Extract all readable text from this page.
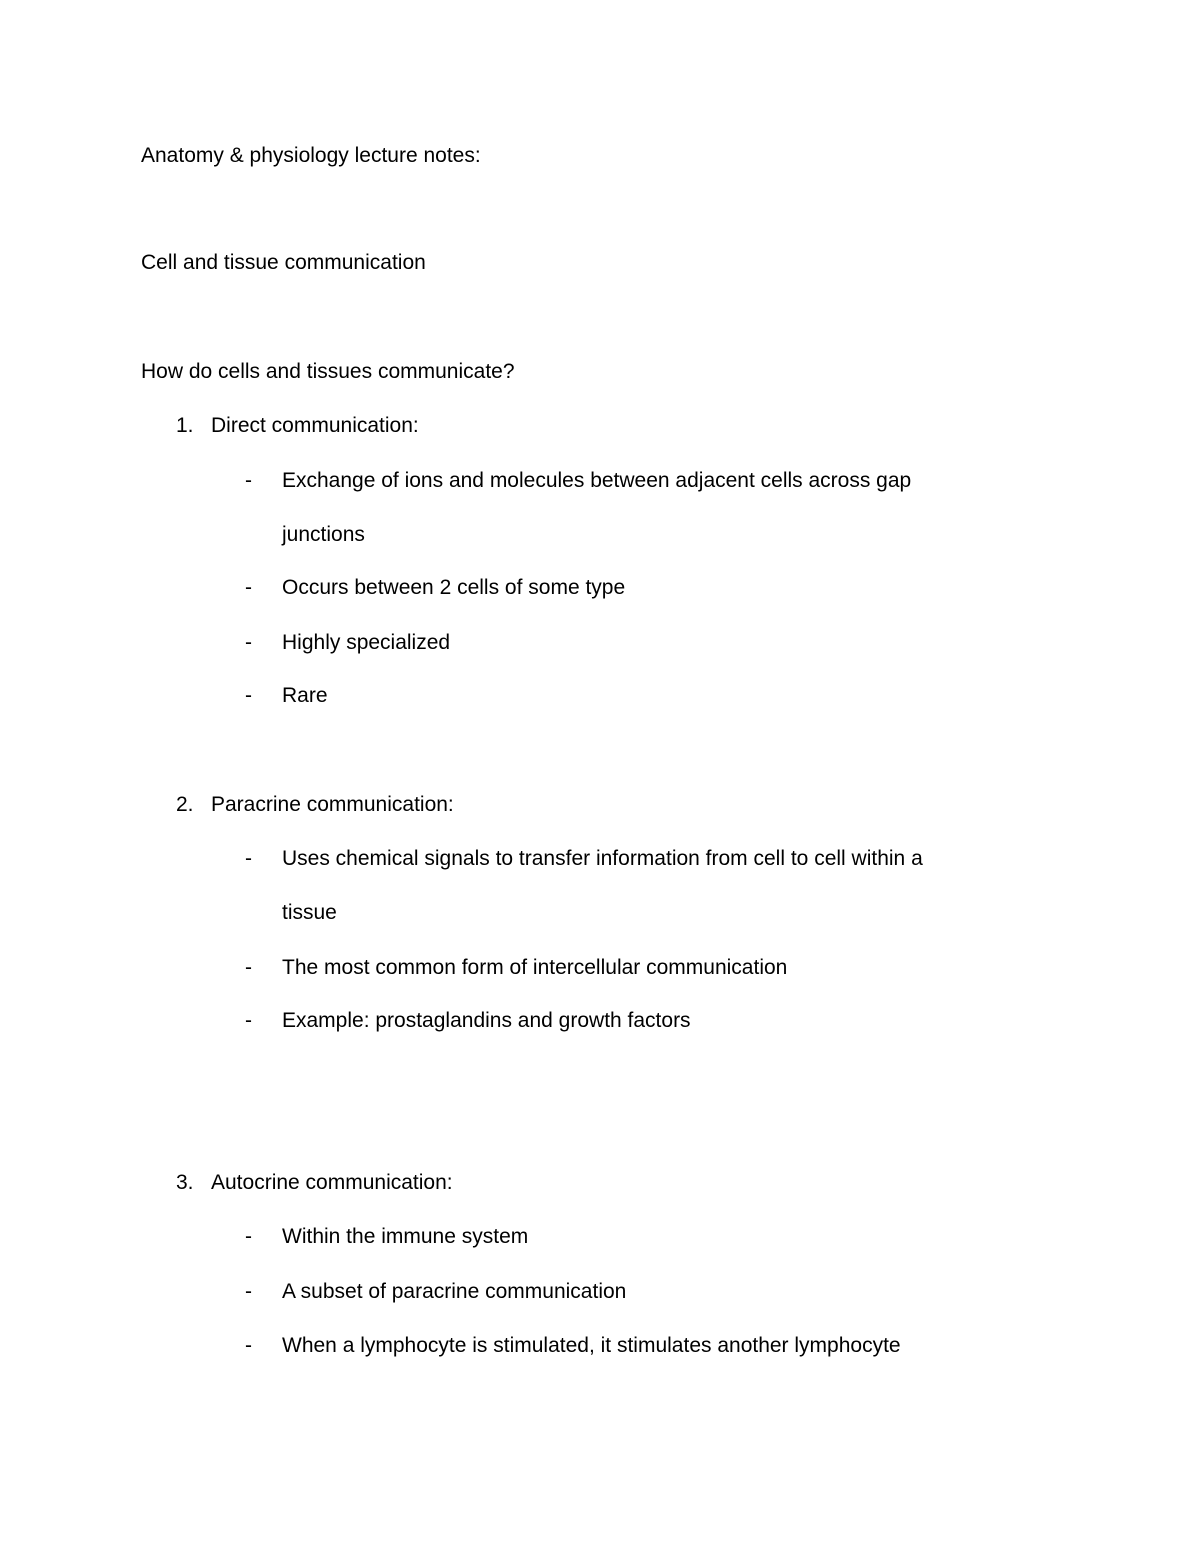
Anatomy & physiology lecture notes:
Cell and tissue communication
How do cells and tissues communicate?
1. Direct communication:
- Exchange of ions and molecules between adjacent cells across gap
junctions
- Occurs between 2 cells of some type
- Highly specialized
- Rare
2. Paracrine communication:
- Uses chemical signals to transfer information from cell to cell within a
tissue
- The most common form of intercellular communication
- Example: prostaglandins and growth factors
3. Autocrine communication:
- Within the immune system
- A subset of paracrine communication
- When a lymphocyte is stimulated, it stimulates another lymphocyte
